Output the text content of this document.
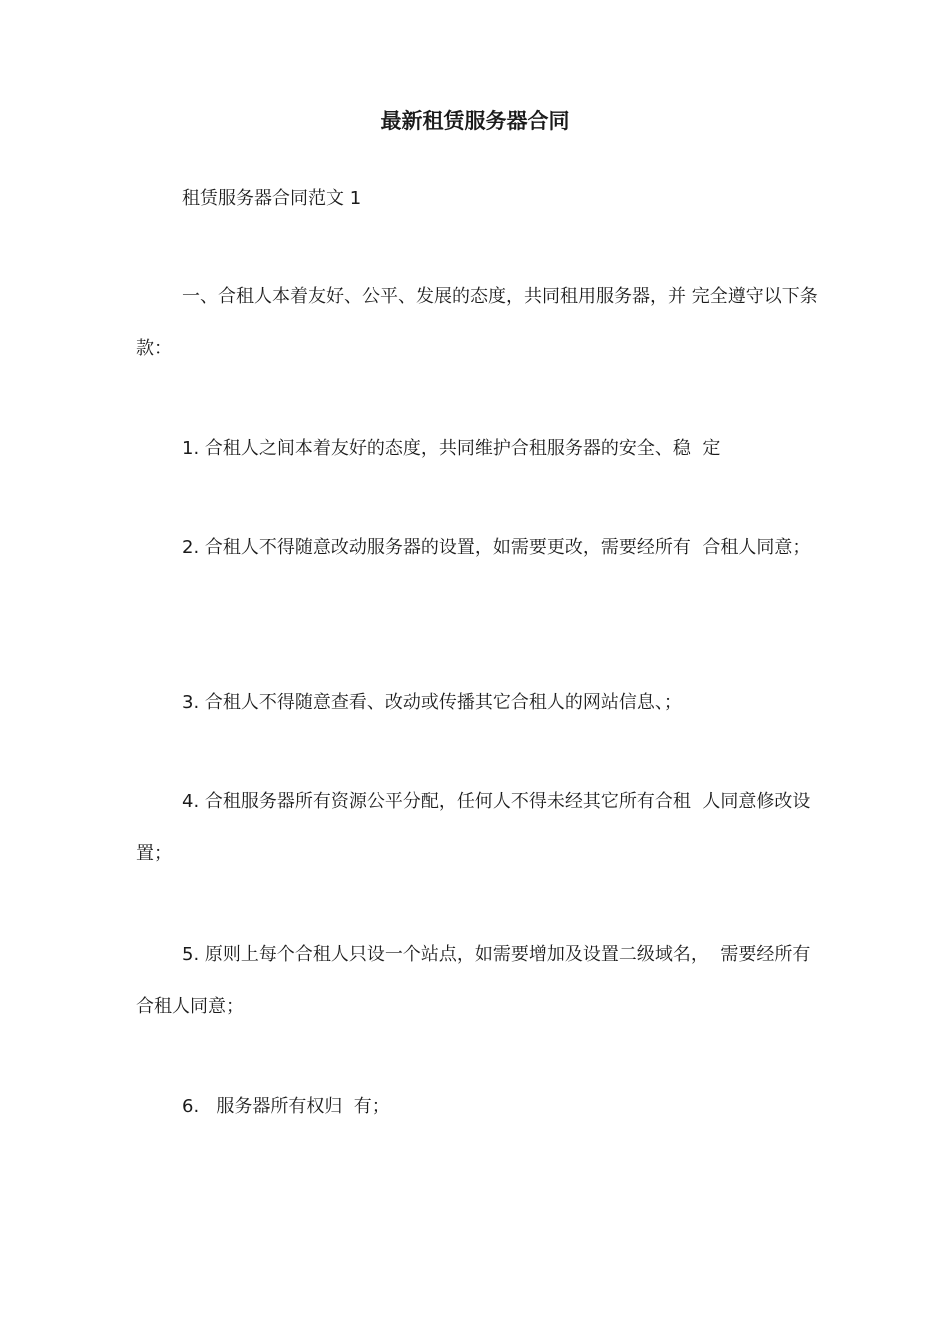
最新租赁服务器合同
租赁服务器合同范文 1

一、合租人本着友好、公平、发展的态度，共同租用服务器，并 完全遵守以下条款：

1. 合租人之间本着友好的态度，共同维护合租服务器的安全、稳  定

2. 合租人不得随意改动服务器的设置，如需要更改，需要经所有  合租人同意；

3. 合租人不得随意查看、改动或传播其它合租人的网站信息、；

4. 合租服务器所有资源公平分配，任何人不得未经其它所有合租  人同意修改设置；

5. 原则上每个合租人只设一个站点，如需要增加及设置二级域名，  需要经所有合租人同意；

6.   服务器所有权归  有；
